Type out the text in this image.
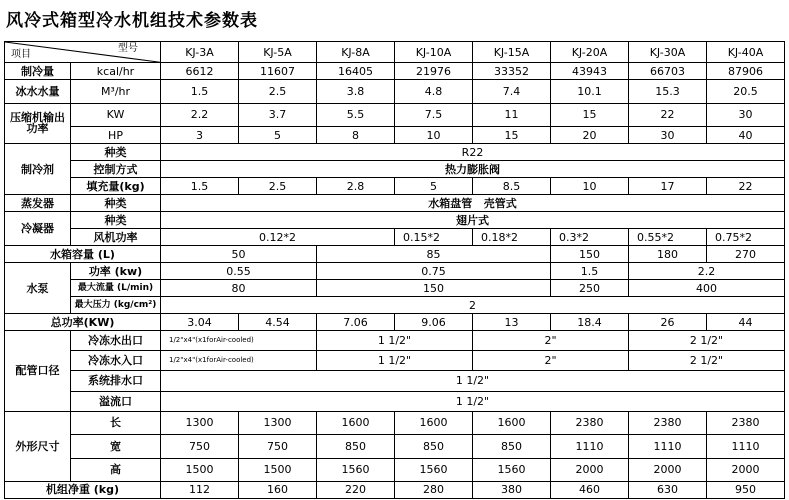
风冷式箱型冷水机组技术参数表
项目
型号		KJ-3A	KJ-5A	KJ-8A	KJ-10A	KJ-15A	KJ-20A	KJ-30A	KJ-40A	
制冷量	kcal/hr	6612	11607	16405	21976	33352	43943	66703	87906	
冰水水量	M³/hr	1.5	2.5	3.8	4.8	7.4	10.1	15.3	20.5	
压缩机输出功率	KW	2.2	3.7	5.5	7.5	11	15	22	30	
	HP	3	5	8	10	15	20	30	40	
制冷剂	种类	R22								
	控制方式	热力膨胀阀								
	填充量(kg)	1.5	2.5	2.8	5	8.5	10	17	22	
蒸发器	种类	水箱盘管   壳管式								
冷凝器	种类	翅片式								
	风机功率	0.12*2			0.15*2	0.18*2	0.3*2	0.55*2	0.75*2	
水箱容量 (L)		50		85			150	180	270	
水泵	功率 (kw)	0.55		0.75			1.5	2.2	
	最大流量 (L/min)	80		150			250	400	
	最大压力 (kg/cm²)	2								
总功率(KW)		3.04	4.54	7.06	9.06	13	18.4	26	44	
配管口径	冷冻水出口	1/2"x4"(x1forAir-cooled)		1 1/2"		2"		2 1/2"		
	冷冻水入口	1/2"x4"(x1forAir-cooled)		1 1/2"		2"		2 1/2"		
	系统排水口	1 1/2"								
	溢流口	1 1/2"								
外形尺寸	长	1300	1300	1600	1600	1600	2380	2380	2380	
	宽	750	750	850	850	850	1110	1110	1110	
	高	1500	1500	1560	1560	1560	2000	2000	2000	
机组净重 (kg)		112	160	220	280	380	460	630	950	
